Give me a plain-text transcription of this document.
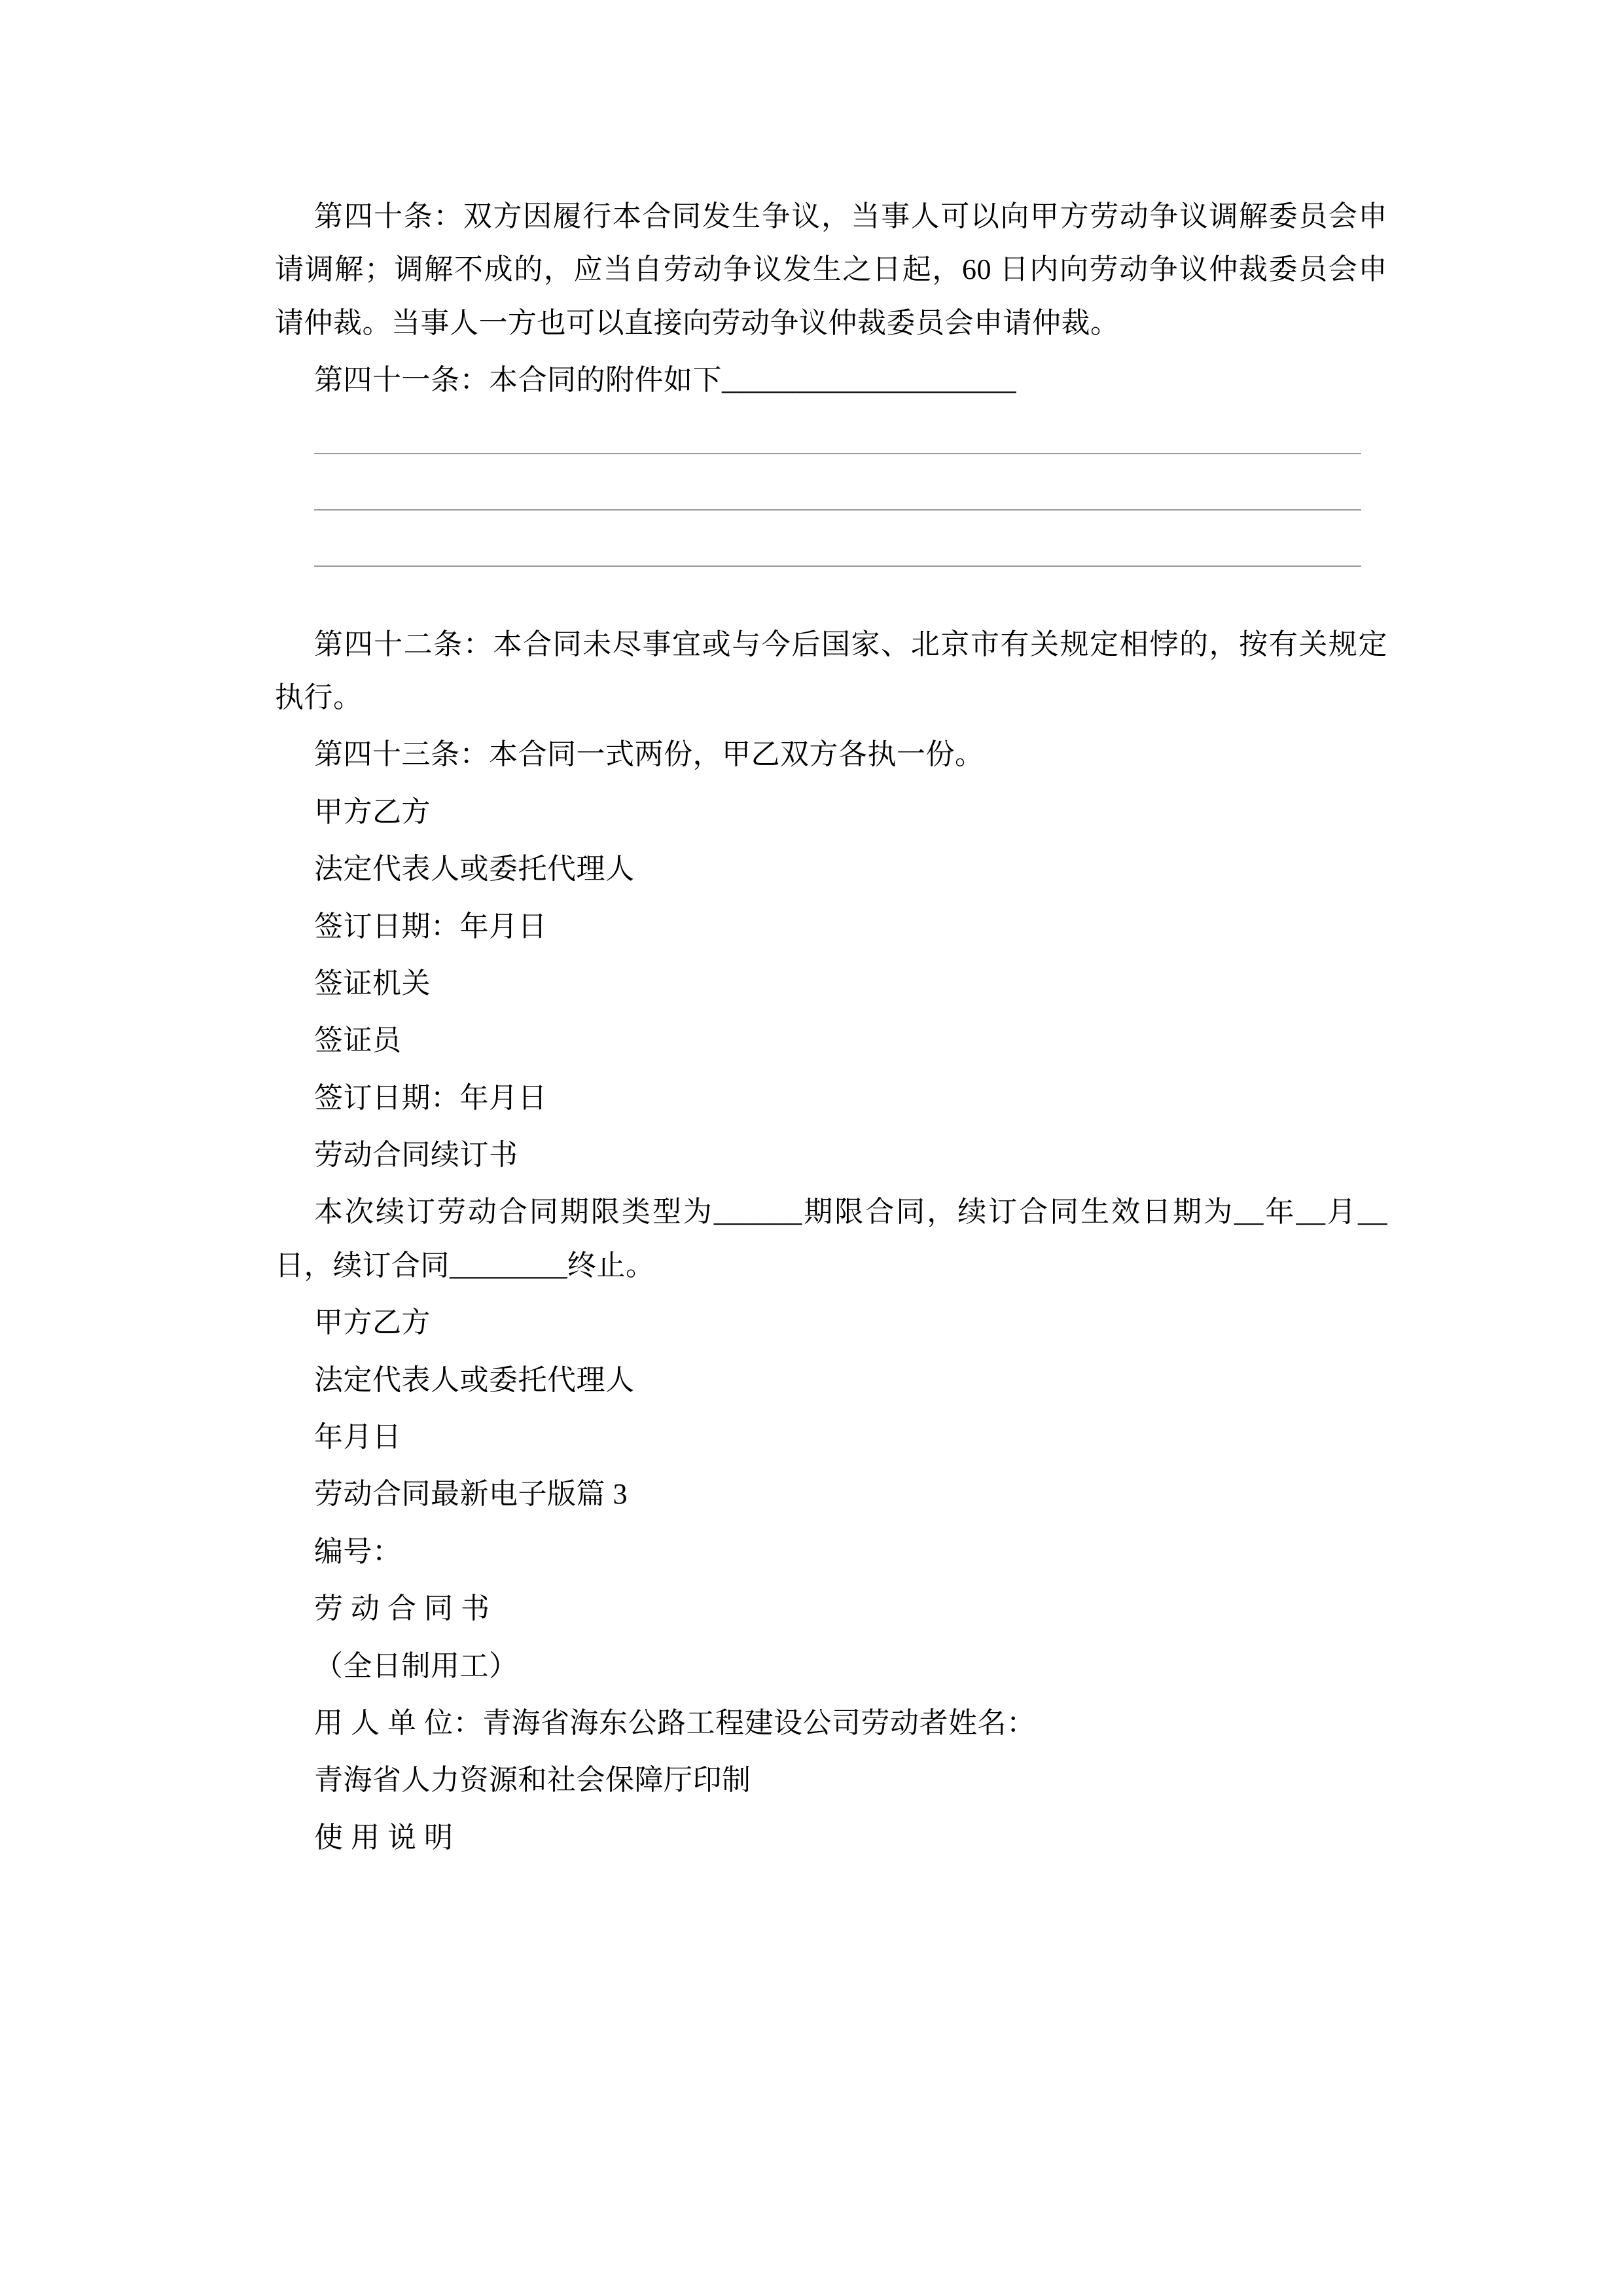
第四十条：双方因履行本合同发生争议，当事人可以向甲方劳动争议调解委员会申请调解；调解不成的，应当自劳动争议发生之日起，60 日内向劳动争议仲裁委员会申请仲裁。当事人一方也可以直接向劳动争议仲裁委员会申请仲裁。

第四十一条：本合同的附件如下____________________

第四十二条：本合同未尽事宜或与今后国家、北京市有关规定相悖的，按有关规定执行。

第四十三条：本合同一式两份，甲乙双方各执一份。

甲方乙方

法定代表人或委托代理人

签订日期：年月日

签证机关

签证员

签订日期：年月日

劳动合同续订书

本次续订劳动合同期限类型为______期限合同，续订合同生效日期为__年__月__日，续订合同________终止。

甲方乙方

法定代表人或委托代理人

年月日

劳动合同最新电子版篇 3

编号：

劳 动 合 同 书

（全日制用工）

用 人 单 位：青海省海东公路工程建设公司劳动者姓名：

青海省人力资源和社会保障厅印制

使 用 说 明
